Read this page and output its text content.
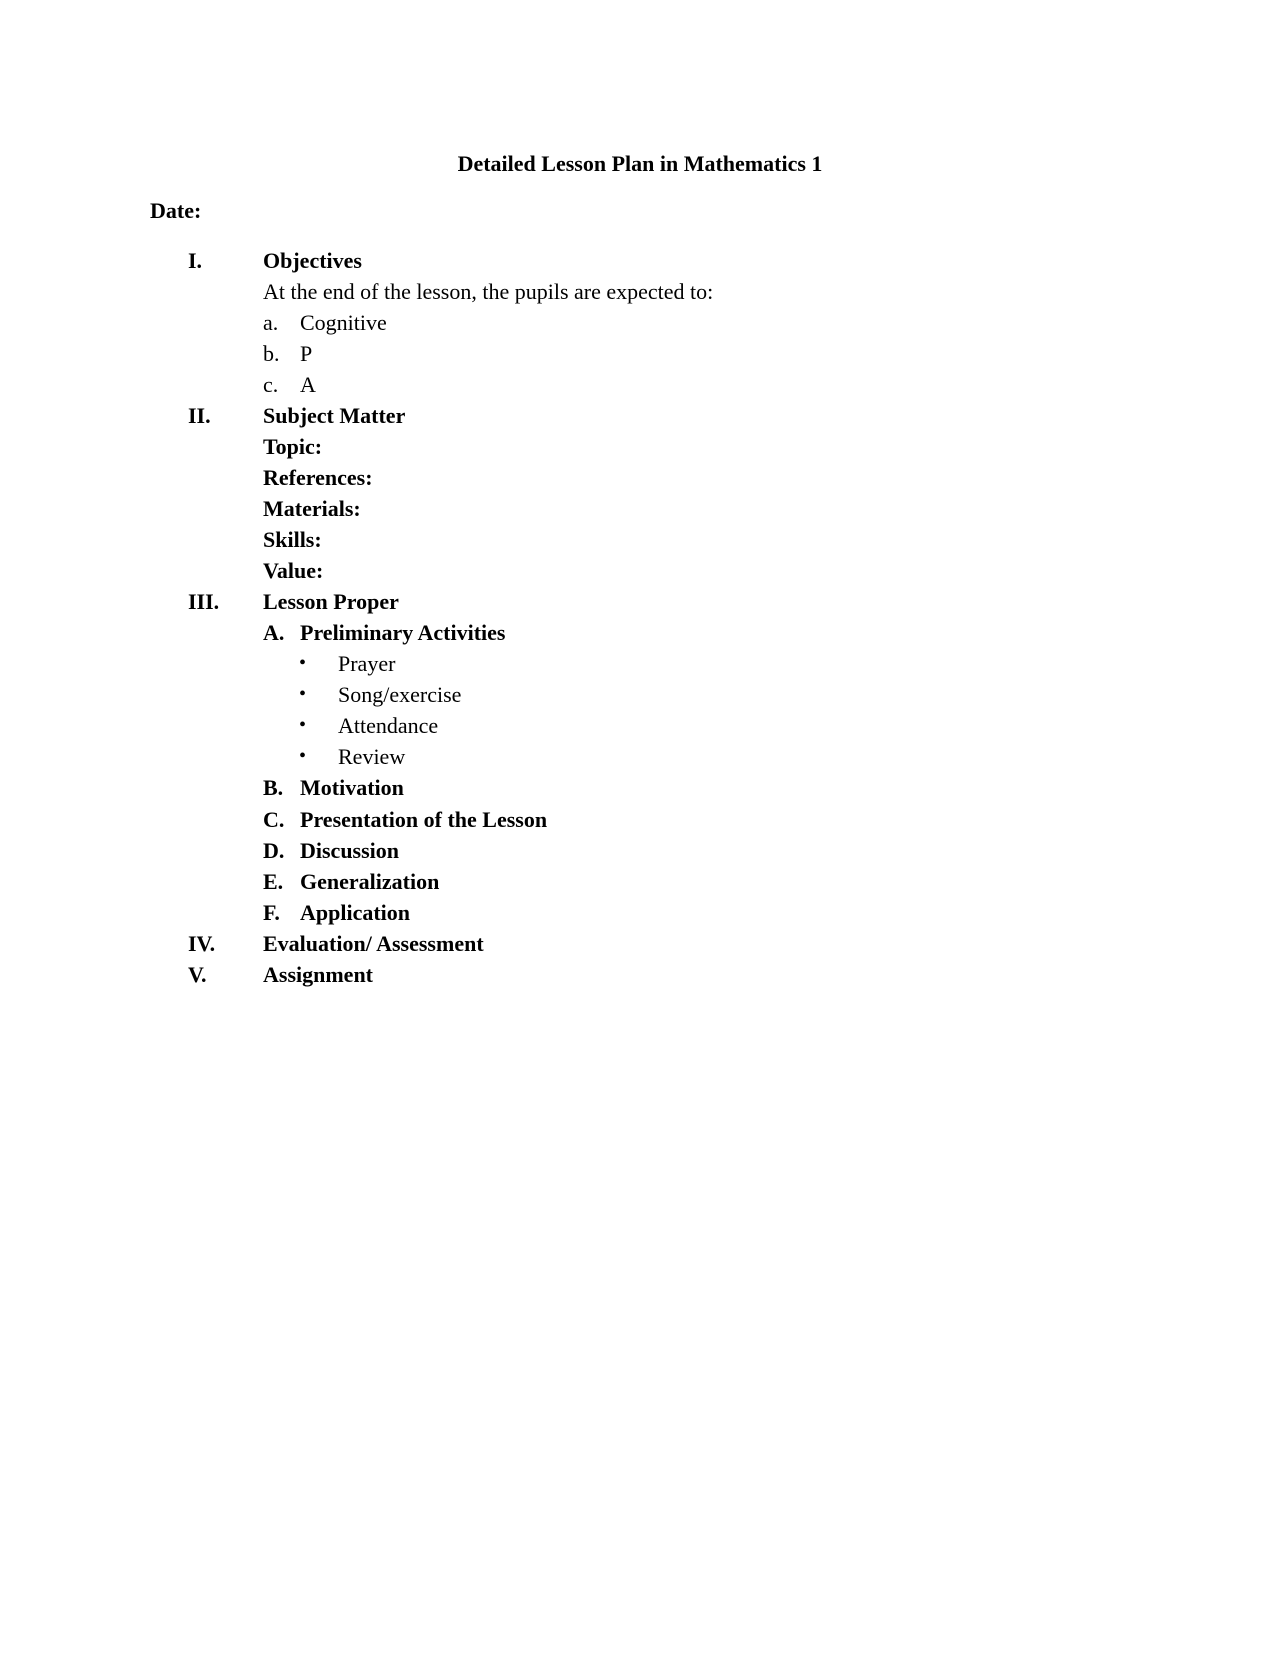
Detailed Lesson Plan in Mathematics 1
Date:
I.	Objectives
At the end of the lesson, the pupils are expected to:
a. Cognitive
b. P
c. A
II. Subject Matter
Topic:
References:
Materials:
Skills:
Value:
III. Lesson Proper
A. Preliminary Activities
• Prayer
• Song/exercise
• Attendance
• Review
B. Motivation
C. Presentation of the Lesson
D. Discussion
E. Generalization
F. Application
IV. Evaluation/ Assessment
V.	Assignment
